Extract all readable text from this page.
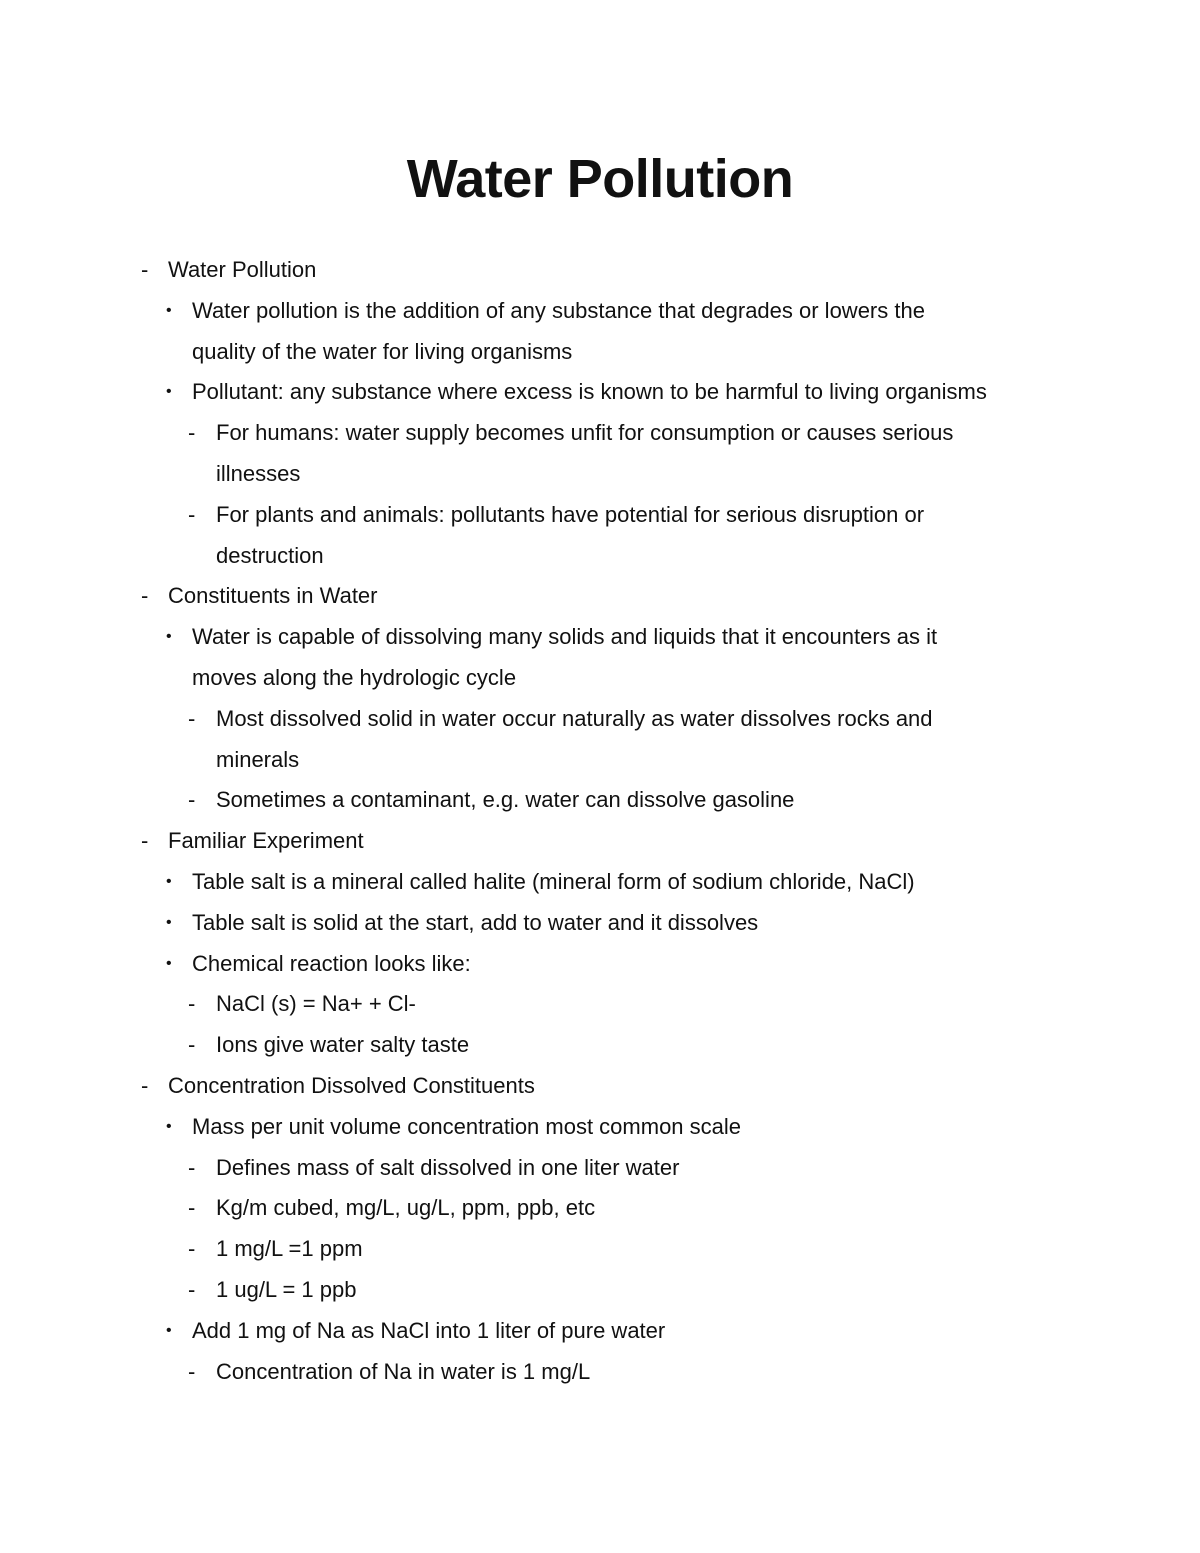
Water Pollution
- Water Pollution
• Water pollution is the addition of any substance that degrades or lowers the
quality of the water for living organisms
• Pollutant: any substance where excess is known to be harmful to living organisms
- For humans: water supply becomes unfit for consumption or causes serious
illnesses
- For plants and animals: pollutants have potential for serious disruption or
destruction
- Constituents in Water
• Water is capable of dissolving many solids and liquids that it encounters as it
moves along the hydrologic cycle
- Most dissolved solid in water occur naturally as water dissolves rocks and
minerals
- Sometimes a contaminant, e.g. water can dissolve gasoline
- Familiar Experiment
• Table salt is a mineral called halite (mineral form of sodium chloride, NaCl)
• Table salt is solid at the start, add to water and it dissolves
• Chemical reaction looks like:
- NaCl (s) = Na+ + Cl-
- Ions give water salty taste
- Concentration Dissolved Constituents
• Mass per unit volume concentration most common scale
- Defines mass of salt dissolved in one liter water
- Kg/m cubed, mg/L, ug/L, ppm, ppb, etc
- 1 mg/L =1 ppm
- 1 ug/L = 1 ppb
• Add 1 mg of Na as NaCl into 1 liter of pure water
- Concentration of Na in water is 1 mg/L
